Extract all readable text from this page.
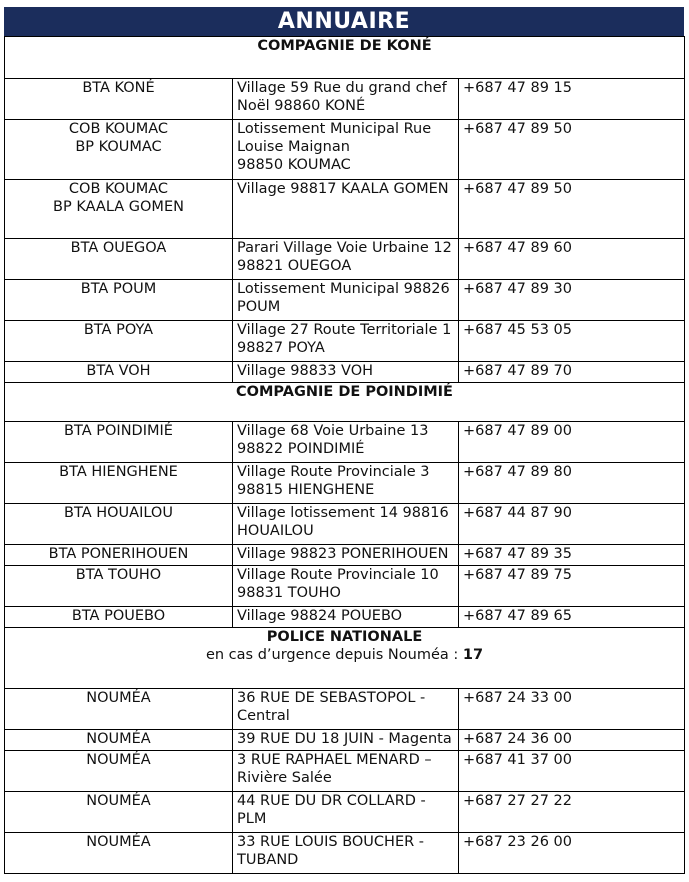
ANNUAIRE
COMPAGNIE DE KONÉ		

BTA KONÉ	Village 59 Rue du grand chef
Noël 98860 KONÉ	+687 47 89 15
COB KOUMAC
BP KOUMAC	Lotissement Municipal Rue
Louise Maignan
98850 KOUMAC	+687 47 89 50
COB KOUMAC
BP KAALA GOMEN	Village 98817 KAALA GOMEN	+687 47 89 50
BTA OUEGOA	Parari Village Voie Urbaine 12
98821 OUEGOA	+687 47 89 60
BTA POUM	Lotissement Municipal 98826
POUM	+687 47 89 30
BTA POYA	Village 27 Route Territoriale 1
98827 POYA	+687 45 53 05
BTA VOH	Village 98833 VOH	+687 47 89 70

COMPAGNIE DE POINDIMIÉ		

BTA POINDIMIÉ	Village 68 Voie Urbaine 13
98822 POINDIMIÉ	+687 47 89 00
BTA HIENGHENE	Village Route Provinciale 3
98815 HIENGHENE	+687 47 89 80
BTA HOUAILOU	Village lotissement 14 98816
HOUAILOU	+687 44 87 90
BTA PONERIHOUEN	Village 98823 PONERIHOUEN	+687 47 89 35
BTA TOUHO	Village Route Provinciale 10
98831 TOUHO	+687 47 89 75
BTA POUEBO	Village 98824 POUEBO	+687 47 89 65

POLICE NATIONALE
en cas d’urgence depuis Nouméa : 17		

NOUMÉA	36 RUE DE SEBASTOPOL -
Central	+687 24 33 00
NOUMÉA	39 RUE DU 18 JUIN - Magenta	+687 24 36 00
NOUMÉA	3 RUE RAPHAEL MENARD –
Rivière Salée	+687 41 37 00
NOUMÉA	44 RUE DU DR COLLARD -
PLM	+687 27 27 22
NOUMÉA	33 RUE LOUIS BOUCHER -
TUBAND	+687 23 26 00
